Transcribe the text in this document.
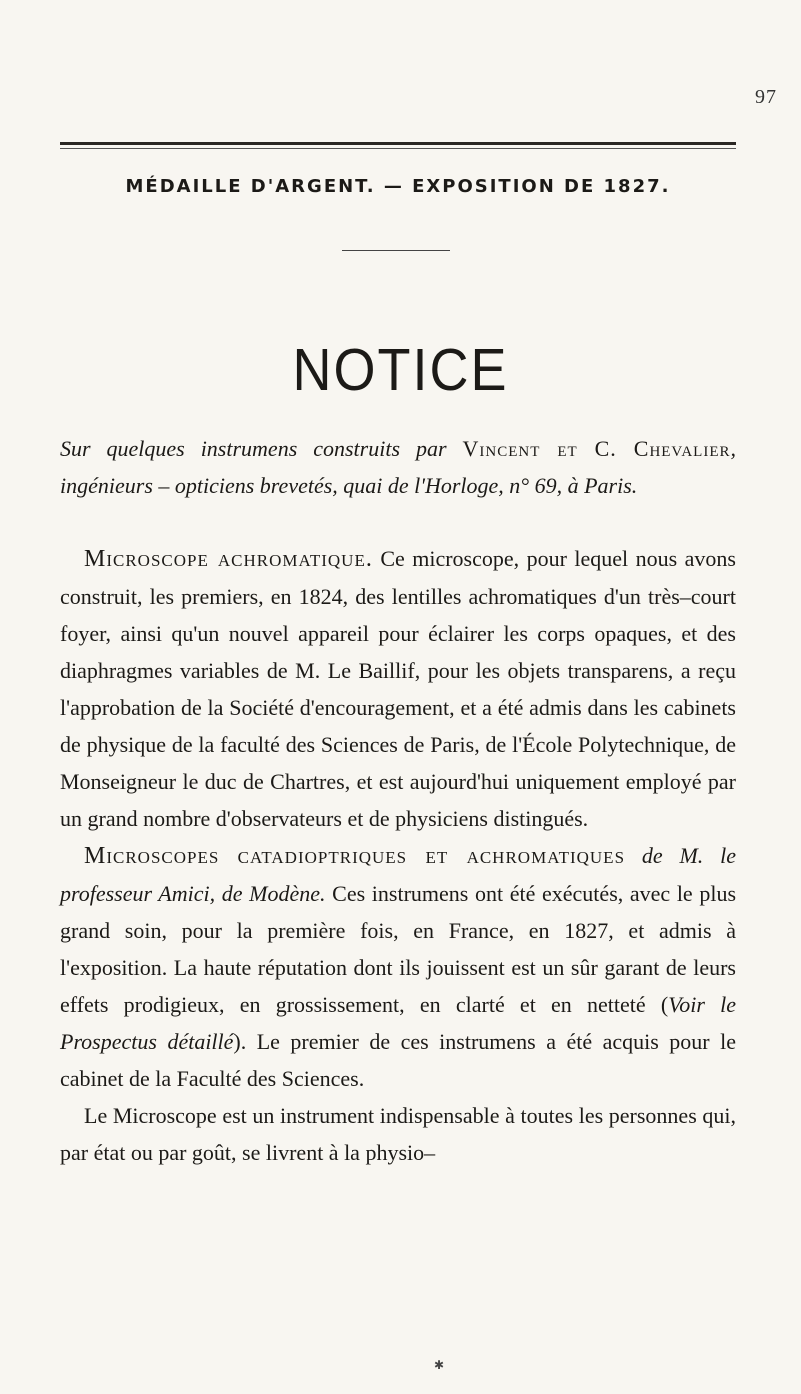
97
MÉDAILLE D'ARGENT. — EXPOSITION DE 1827.
NOTICE

Sur quelques instrumens construits par Vincent et C. Chevalier, ingénieurs – opticiens brevetés, quai de l'Horloge, n° 69, à Paris.

Microscope achromatique. Ce microscope, pour lequel nous avons construit, les premiers, en 1824, des lentilles achromatiques d'un très–court foyer, ainsi qu'un nouvel appareil pour éclairer les corps opaques, et des diaphragmes variables de M. Le Baillif, pour les objets transparens, a reçu l'approbation de la Société d'encouragement, et a été admis dans les cabinets de physique de la faculté des Sciences de Paris, de l'École Polytechnique, de Monseigneur le duc de Chartres, et est aujourd'hui uniquement employé par un grand nombre d'observateurs et de physiciens distingués.

Microscopes catadioptriques et achromatiques de M. le professeur Amici, de Modène. Ces instrumens ont été exécutés, avec le plus grand soin, pour la première fois, en France, en 1827, et admis à l'exposition. La haute réputation dont ils jouissent est un sûr garant de leurs effets prodigieux, en grossissement, en clarté et en netteté (Voir le Prospectus détaillé). Le premier de ces instrumens a été acquis pour le cabinet de la Faculté des Sciences.

Le Microscope est un instrument indispensable à toutes les personnes qui, par état ou par goût, se livrent à la physio–

✱
